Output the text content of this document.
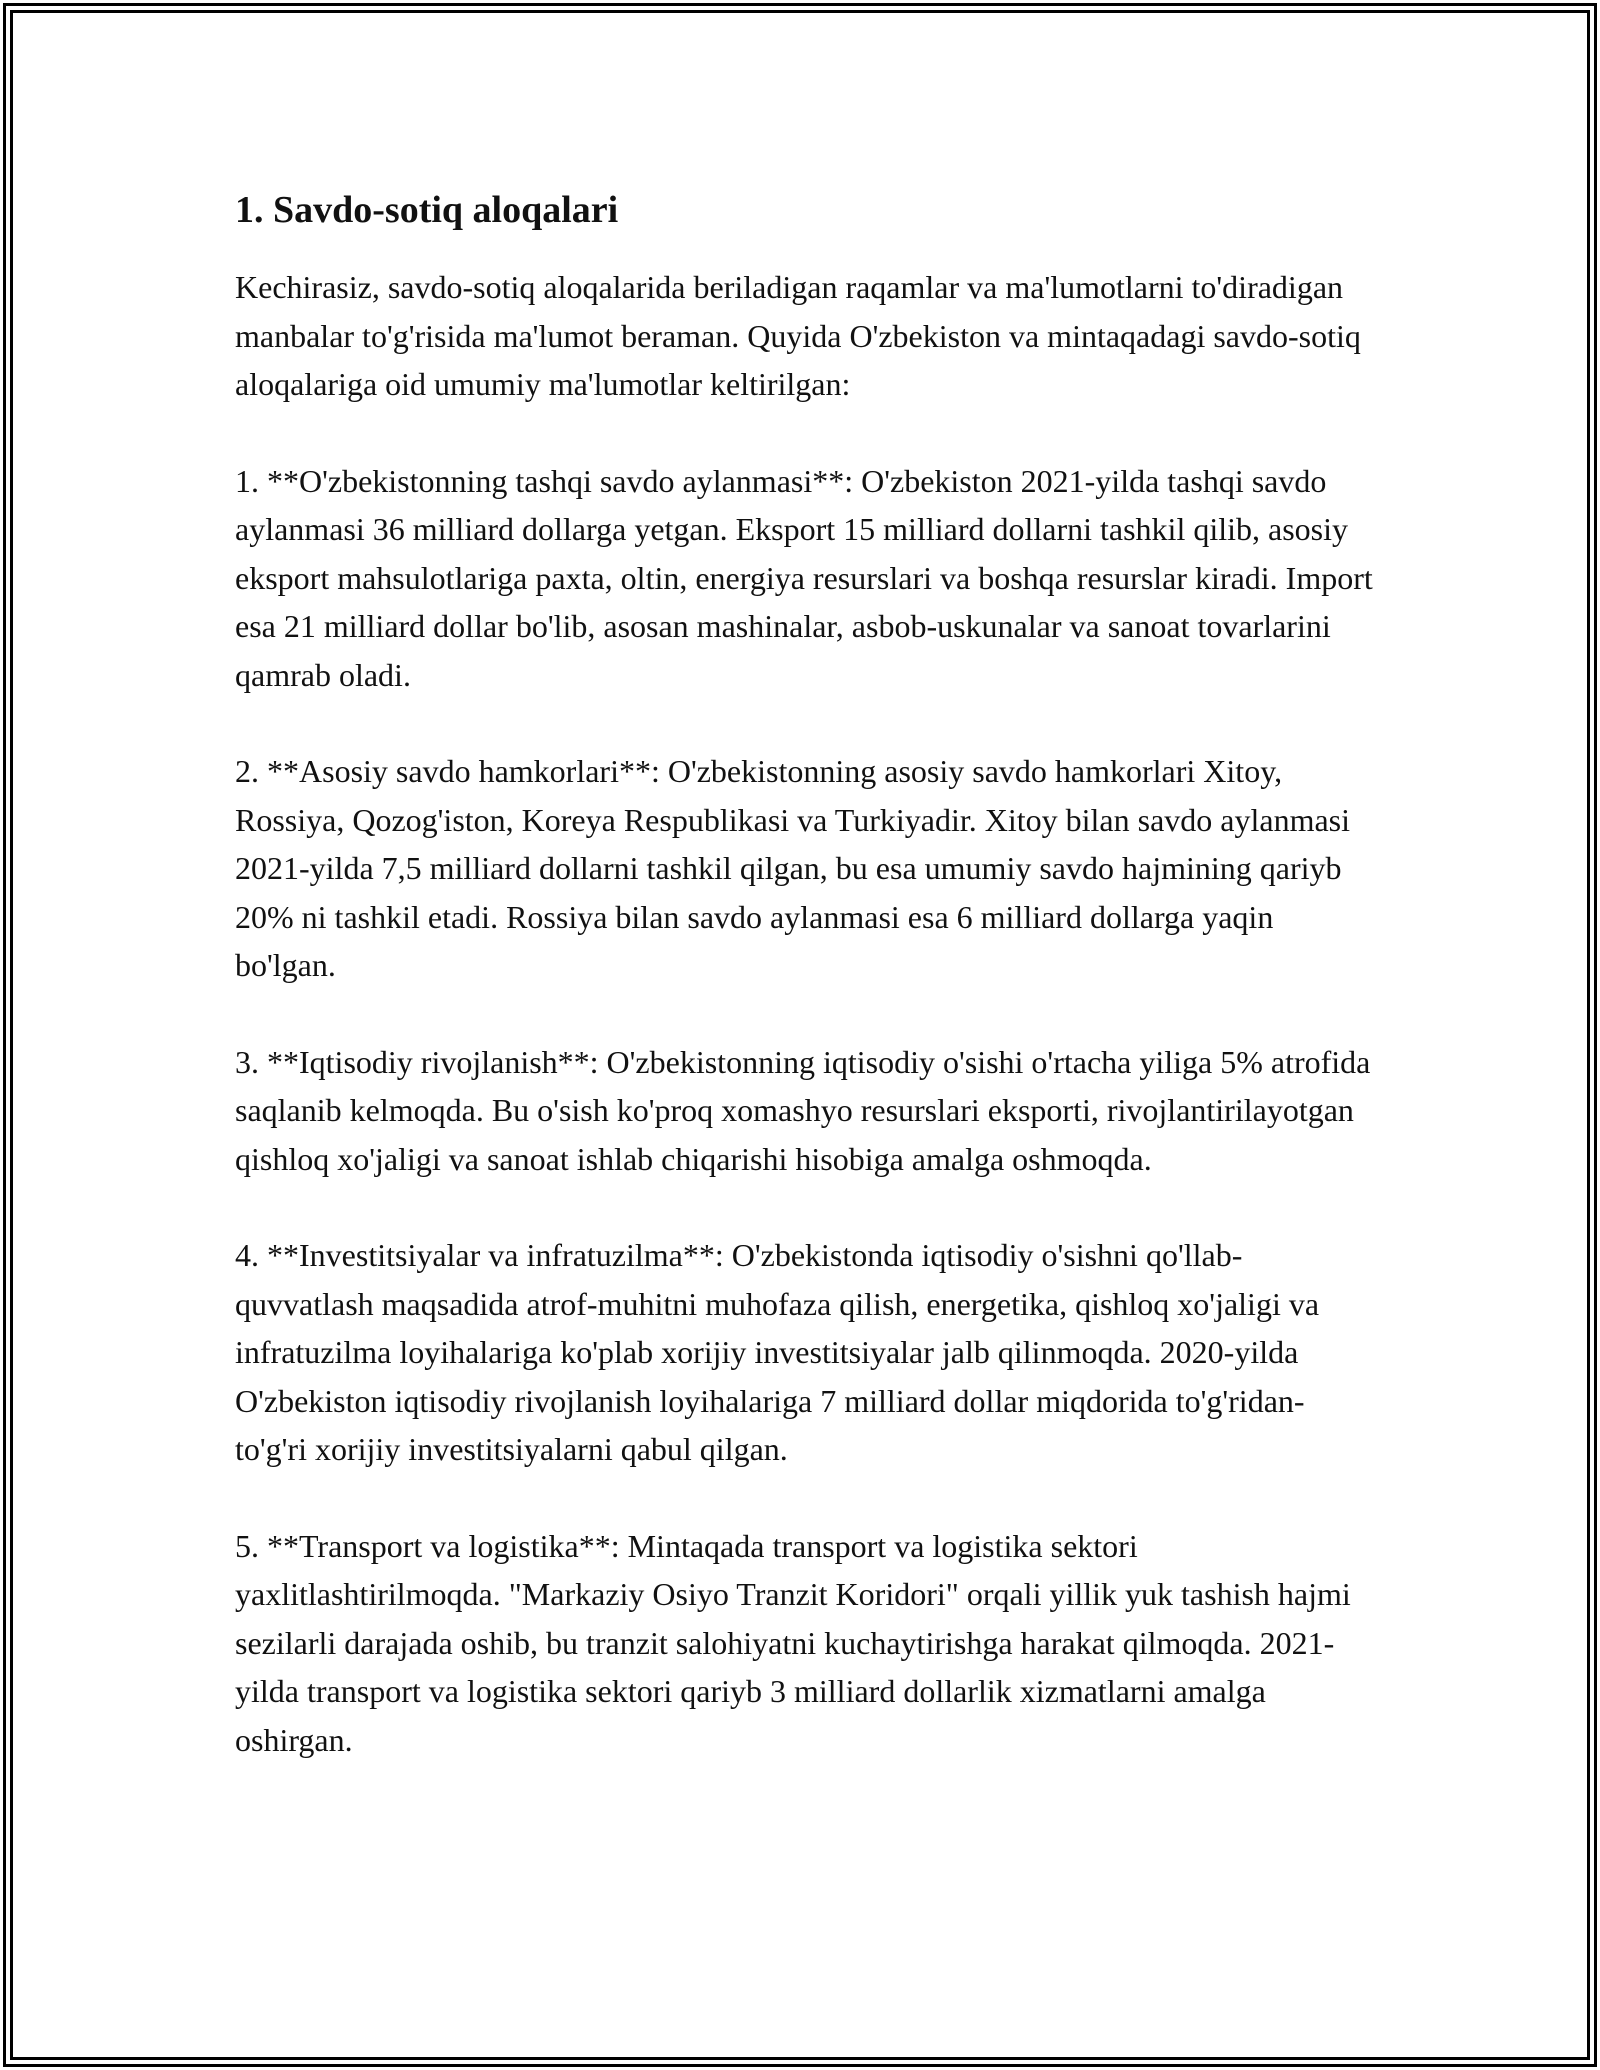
1. Savdo-sotiq aloqalari

Kechirasiz, savdo-sotiq aloqalarida beriladigan raqamlar va ma'lumotlarni to'diradigan manbalar to'g'risida ma'lumot beraman. Quyida O'zbekiston va mintaqadagi savdo-sotiq aloqalariga oid umumiy ma'lumotlar keltirilgan:

1. **O'zbekistonning tashqi savdo aylanmasi**: O'zbekiston 2021-yilda tashqi savdo aylanmasi 36 milliard dollarga yetgan. Eksport 15 milliard dollarni tashkil qilib, asosiy eksport mahsulotlariga paxta, oltin, energiya resurslari va boshqa resurslar kiradi. Import esa 21 milliard dollar bo'lib, asosan mashinalar, asbob-uskunalar va sanoat tovarlarini qamrab oladi.

2. **Asosiy savdo hamkorlari**: O'zbekistonning asosiy savdo hamkorlari Xitoy, Rossiya, Qozog'iston, Koreya Respublikasi va Turkiyadir. Xitoy bilan savdo aylanmasi 2021-yilda 7,5 milliard dollarni tashkil qilgan, bu esa umumiy savdo hajmining qariyb 20% ni tashkil etadi. Rossiya bilan savdo aylanmasi esa 6 milliard dollarga yaqin bo'lgan.

3. **Iqtisodiy rivojlanish**: O'zbekistonning iqtisodiy o'sishi o'rtacha yiliga 5% atrofida saqlanib kelmoqda. Bu o'sish ko'proq xomashyo resurslari eksporti, rivojlantirilayotgan qishloq xo'jaligi va sanoat ishlab chiqarishi hisobiga amalga oshmoqda.

4. **Investitsiyalar va infratuzilma**: O'zbekistonda iqtisodiy o'sishni qo'llab-quvvatlash maqsadida atrof-muhitni muhofaza qilish, energetika, qishloq xo'jaligi va infratuzilma loyihalariga ko'plab xorijiy investitsiyalar jalb qilinmoqda. 2020-yilda O'zbekiston iqtisodiy rivojlanish loyihalariga 7 milliard dollar miqdorida to'g'ridan-to'g'ri xorijiy investitsiyalarni qabul qilgan.

5. **Transport va logistika**: Mintaqada transport va logistika sektori yaxlitlashtirilmoqda. "Markaziy Osiyo Tranzit Koridori" orqali yillik yuk tashish hajmi sezilarli darajada oshib, bu tranzit salohiyatni kuchaytirishga harakat qilmoqda. 2021-yilda transport va logistika sektori qariyb 3 milliard dollarlik xizmatlarni amalga oshirgan.
